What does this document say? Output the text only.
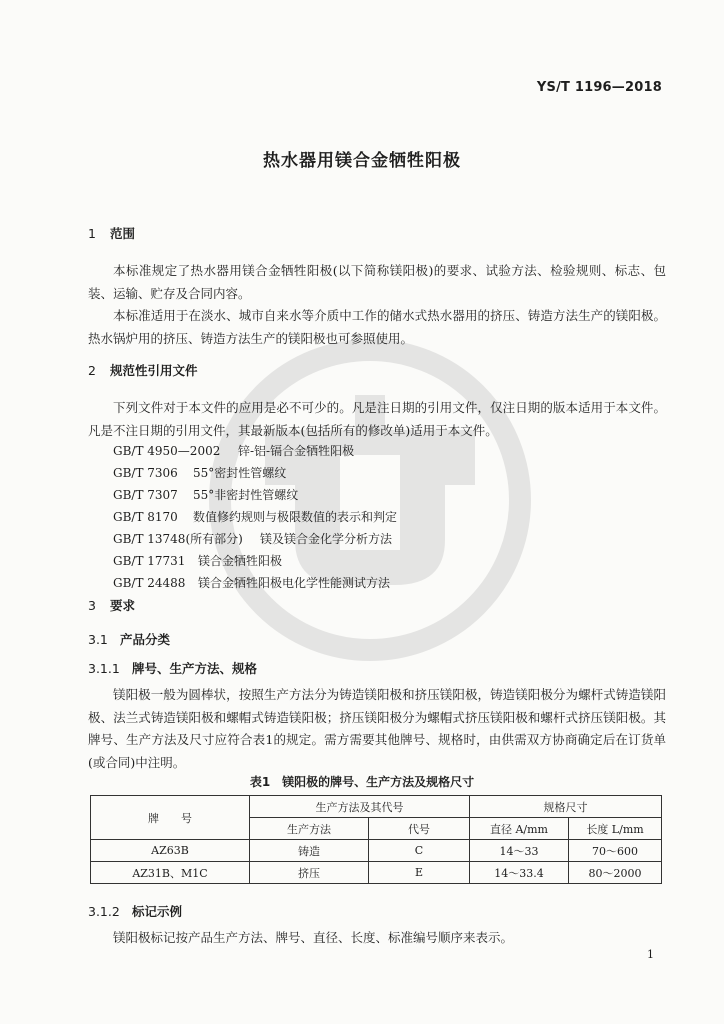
YS/T 1196—2018
热水器用镁合金牺牲阳极
1 范围
本标准规定了热水器用镁合金牺牲阳极(以下简称镁阳极)的要求、试验方法、检验规则、标志、包装、运输、贮存及合同内容。
本标准适用于在淡水、城市自来水等介质中工作的储水式热水器用的挤压、铸造方法生产的镁阳极。热水锅炉用的挤压、铸造方法生产的镁阳极也可参照使用。
2 规范性引用文件
下列文件对于本文件的应用是必不可少的。凡是注日期的引用文件，仅注日期的版本适用于本文件。凡是不注日期的引用文件，其最新版本(包括所有的修改单)适用于本文件。
GB/T 4950—2002 锌-铝-镉合金牺牲阳极
GB/T 7306 55°密封性管螺纹
GB/T 7307 55°非密封性管螺纹
GB/T 8170 数值修约规则与极限数值的表示和判定
GB/T 13748(所有部分) 镁及镁合金化学分析方法
GB/T 17731 镁合金牺牲阳极
GB/T 24488 镁合金牺牲阳极电化学性能测试方法
3 要求
3.1 产品分类
3.1.1 牌号、生产方法、规格
镁阳极一般为圆棒状，按照生产方法分为铸造镁阳极和挤压镁阳极，铸造镁阳极分为螺杆式铸造镁阳极、法兰式铸造镁阳极和螺帽式铸造镁阳极；挤压镁阳极分为螺帽式挤压镁阳极和螺杆式挤压镁阳极。其牌号、生产方法及尺寸应符合表1的规定。需方需要其他牌号、规格时，由供需双方协商确定后在订货单(或合同)中注明。
表1　镁阳极的牌号、生产方法及规格尺寸
牌　　号	生产方法及其代号		规格尺寸	
	生产方法	代号	直径 A/mm	长度 L/mm
AZ63B	铸造	C	14～33	70～600
AZ31B、M1C	挤压	E	14～33.4	80～2000
3.1.2 标记示例
镁阳极标记按产品生产方法、牌号、直径、长度、标准编号顺序来表示。
1
